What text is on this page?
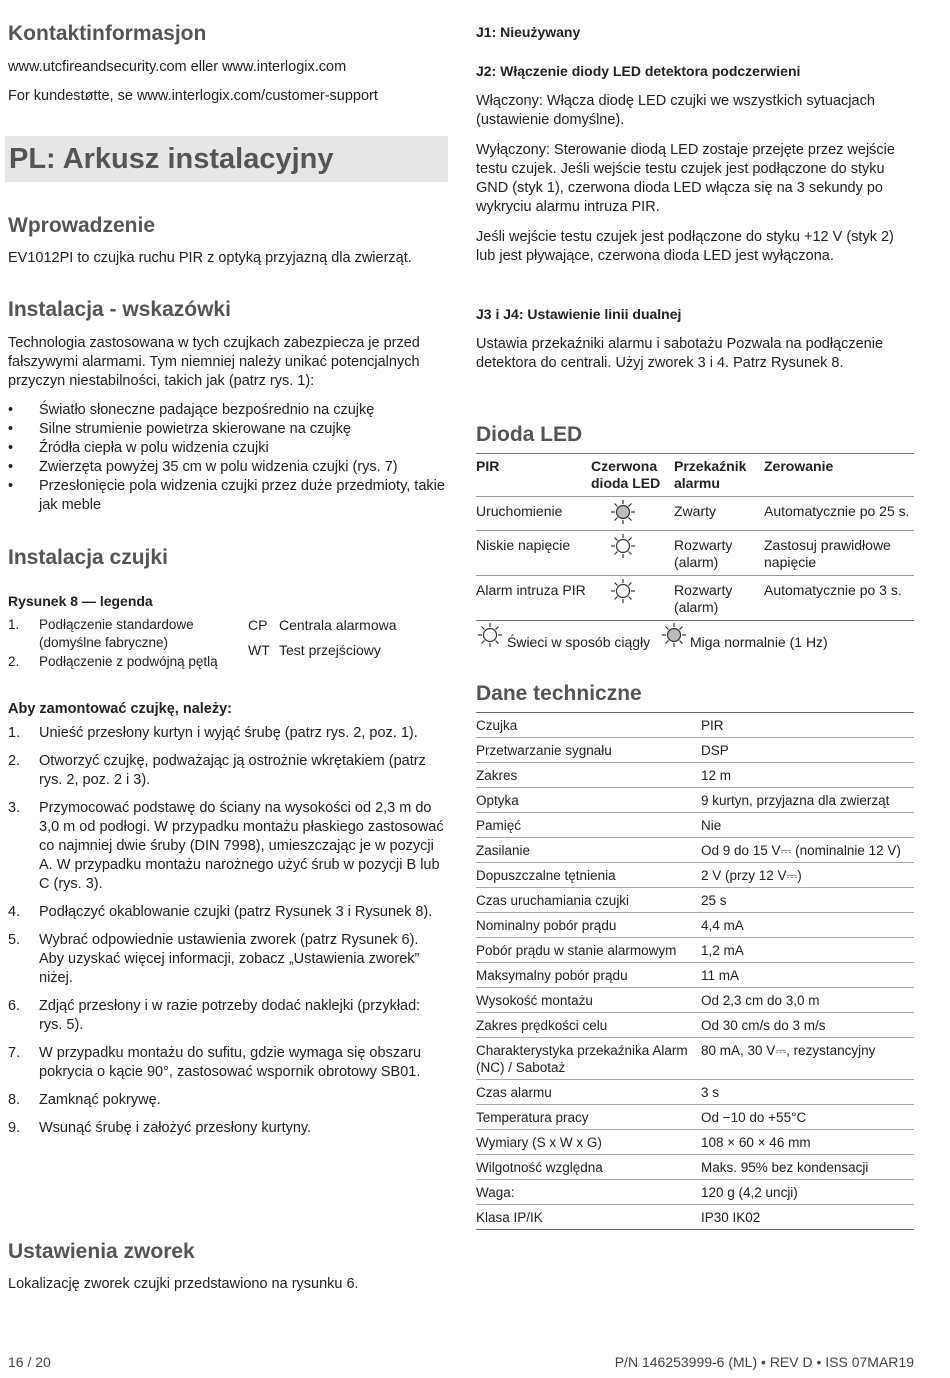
Kontaktinformasjon

www.utcfireandsecurity.com eller www.interlogix.com

For kundestøtte, se www.interlogix.com/customer-support

Wprowadzenie

EV1012PI to czujka ruchu PIR z optyką przyjazną dla zwierząt.

Instalacja - wskazówki

Technologia zastosowana w tych czujkach zabezpiecza je przed fałszywymi alarmami. Tym niemniej należy unikać potencjalnych przyczyn niestabilności, takich jak (patrz rys. 1):

• Światło słoneczne padające bezpośrednio na czujkę
• Silne strumienie powietrza skierowane na czujkę
• Źródła ciepła w polu widzenia czujki
• Zwierzęta powyżej 35 cm w polu widzenia czujki (rys. 7)
• Przesłonięcie pola widzenia czujki przez duże przedmioty, takie jak meble
Instalacja czujki
Rysunek 8 — legenda
1. Podłączenie standardowe (domyślne fabryczne)
2. Podłączenie z podwójną pętlą
CP Centrala alarmowa
WT Test przejściowy
Aby zamontować czujkę, należy:
1. Unieść przesłony kurtyn i wyjąć śrubę (patrz rys. 2, poz. 1).
2. Otworzyć czujkę, podważając ją ostrożnie wkrętakiem (patrz rys. 2, poz. 2 i 3).
3. Przymocować podstawę do ściany na wysokości od 2,3 m do 3,0 m od podłogi. W przypadku montażu płaskiego zastosować co najmniej dwie śruby (DIN 7998), umieszczając je w pozycji A. W przypadku montażu narożnego użyć śrub w pozycji B lub C (rys. 3).
4. Podłączyć okablowanie czujki (patrz Rysunek 3 i Rysunek 8).
5. Wybrać odpowiednie ustawienia zworek (patrz Rysunek 6). Aby uzyskać więcej informacji, zobacz „Ustawienia zworek” niżej.
6. Zdjąć przesłony i w razie potrzeby dodać naklejki (przykład: rys. 5).
7. W przypadku montażu do sufitu, gdzie wymaga się obszaru pokrycia o kącie 90°, zastosować wspornik obrotowy SB01.
8. Zamknąć pokrywę.
9. Wsunąć śrubę i założyć przesłony kurtyny.
Ustawienia zworek

Lokalizację zworek czujki przedstawiono na rysunku 6.

PL: Arkusz instalacyjny
J1: Nieużywany
J2: Włączenie diody LED detektora podczerwieni

Włączony: Włącza diodę LED czujki we wszystkich sytuacjach (ustawienie domyślne).

Wyłączony: Sterowanie diodą LED zostaje przejęte przez wejście testu czujek. Jeśli wejście testu czujek jest podłączone do styku GND (styk 1), czerwona dioda LED włącza się na 3 sekundy po wykryciu alarmu intruza PIR.

Jeśli wejście testu czujek jest podłączone do styku +12 V (styk 2) lub jest pływające, czerwona dioda LED jest wyłączona.

J3 i J4: Ustawienie linii dualnej

Ustawia przekaźniki alarmu i sabotażu Pozwala na podłączenie detektora do centrali. Użyj zworek 3 i 4. Patrz Rysunek 8.

Dioda LED
PIR	Czerwona dioda LED	Przekaźnik alarmu	Zerowanie
Uruchomienie		Zwarty	Automatycznie po 25 s.
Niskie napięcie		Rozwarty (alarm)	Zastosuj prawidłowe napięcie
Alarm intruza PIR		Rozwarty (alarm)	Automatycznie po 3 s.
Świeci w sposób ciągły	Miga normalnie (1 Hz)
Dane techniczne
Czujka	PIR
Przetwarzanie sygnału	DSP
Zakres	12 m
Optyka	9 kurtyn, przyjazna dla zwierząt
Pamięć	Nie
Zasilanie	Od 9 do 15 V⎓ (nominalnie 12 V)
Dopuszczalne tętnienia	2 V (przy 12 V⎓)
Czas uruchamiania czujki	25 s
Nominalny pobór prądu	4,4 mA
Pobór prądu w stanie alarmowym	1,2 mA
Maksymalny pobór prądu	11 mA
Wysokość montażu	Od 2,3 cm do 3,0 m
Zakres prędkości celu	Od 30 cm/s do 3 m/s
Charakterystyka przekaźnika Alarm (NC) / Sabotaż	80 mA, 30 V⎓, rezystancyjny
Czas alarmu	3 s
Temperatura pracy	Od −10 do +55°C
Wymiary (S x W x G)	108 × 60 × 46 mm
Wilgotność względna	Maks. 95% bez kondensacji
Waga:	120 g (4,2 uncji)
Klasa IP/IK	IP30 IK02
16 / 20	P/N 146253999-6 (ML) • REV D • ISS 07MAR19
